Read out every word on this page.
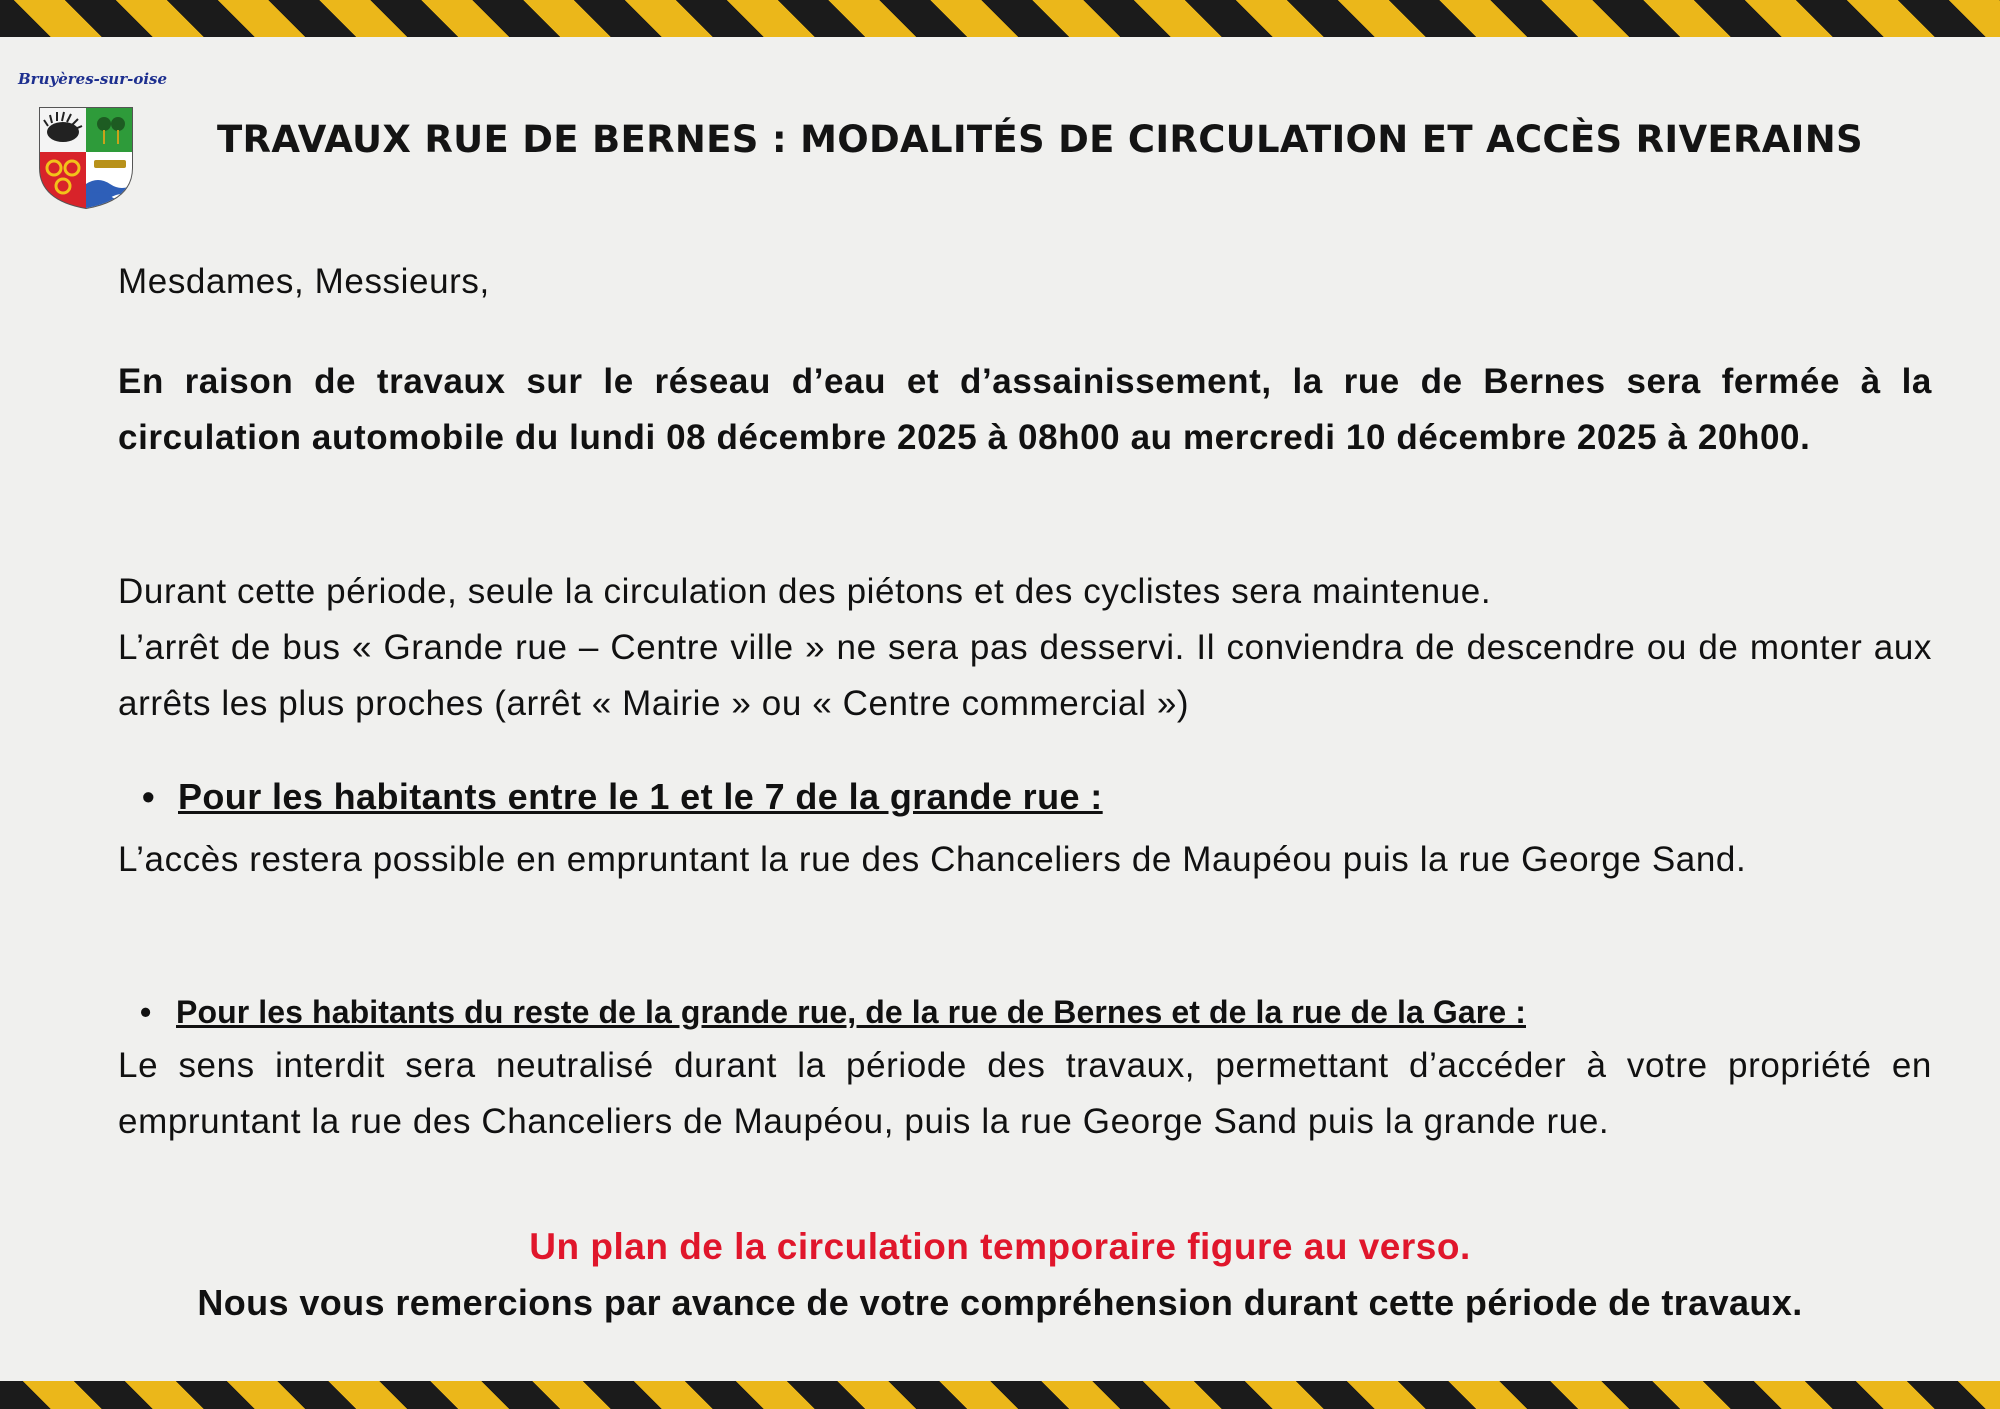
Bruyères-sur-oise
TRAVAUX RUE DE BERNES : MODALITÉS DE CIRCULATION ET ACCÈS RIVERAINS
Mesdames, Messieurs,
En raison de travaux sur le réseau d’eau et d’assainissement, la rue de Bernes sera fermée à la circulation automobile du lundi 08 décembre 2025 à 08h00 au mercredi 10 décembre 2025 à 20h00.
Durant cette période, seule la circulation des piétons et des cyclistes sera maintenue.
L’arrêt de bus « Grande rue – Centre ville » ne sera pas desservi. Il conviendra de descendre ou de monter aux arrêts les plus proches (arrêt « Mairie » ou « Centre commercial »)
• Pour les habitants entre le 1 et le 7 de la grande rue :
L’accès restera possible en empruntant la rue des Chanceliers de Maupéou puis la rue George Sand.
• Pour les habitants du reste de la grande rue, de la rue de Bernes et de la rue de la Gare :
Le sens interdit sera neutralisé durant la période des travaux, permettant d’accéder à votre propriété en empruntant la rue des Chanceliers de Maupéou, puis la rue George Sand puis la grande rue.
Un plan de la circulation temporaire figure au verso.
Nous vous remercions par avance de votre compréhension durant cette période de travaux.
